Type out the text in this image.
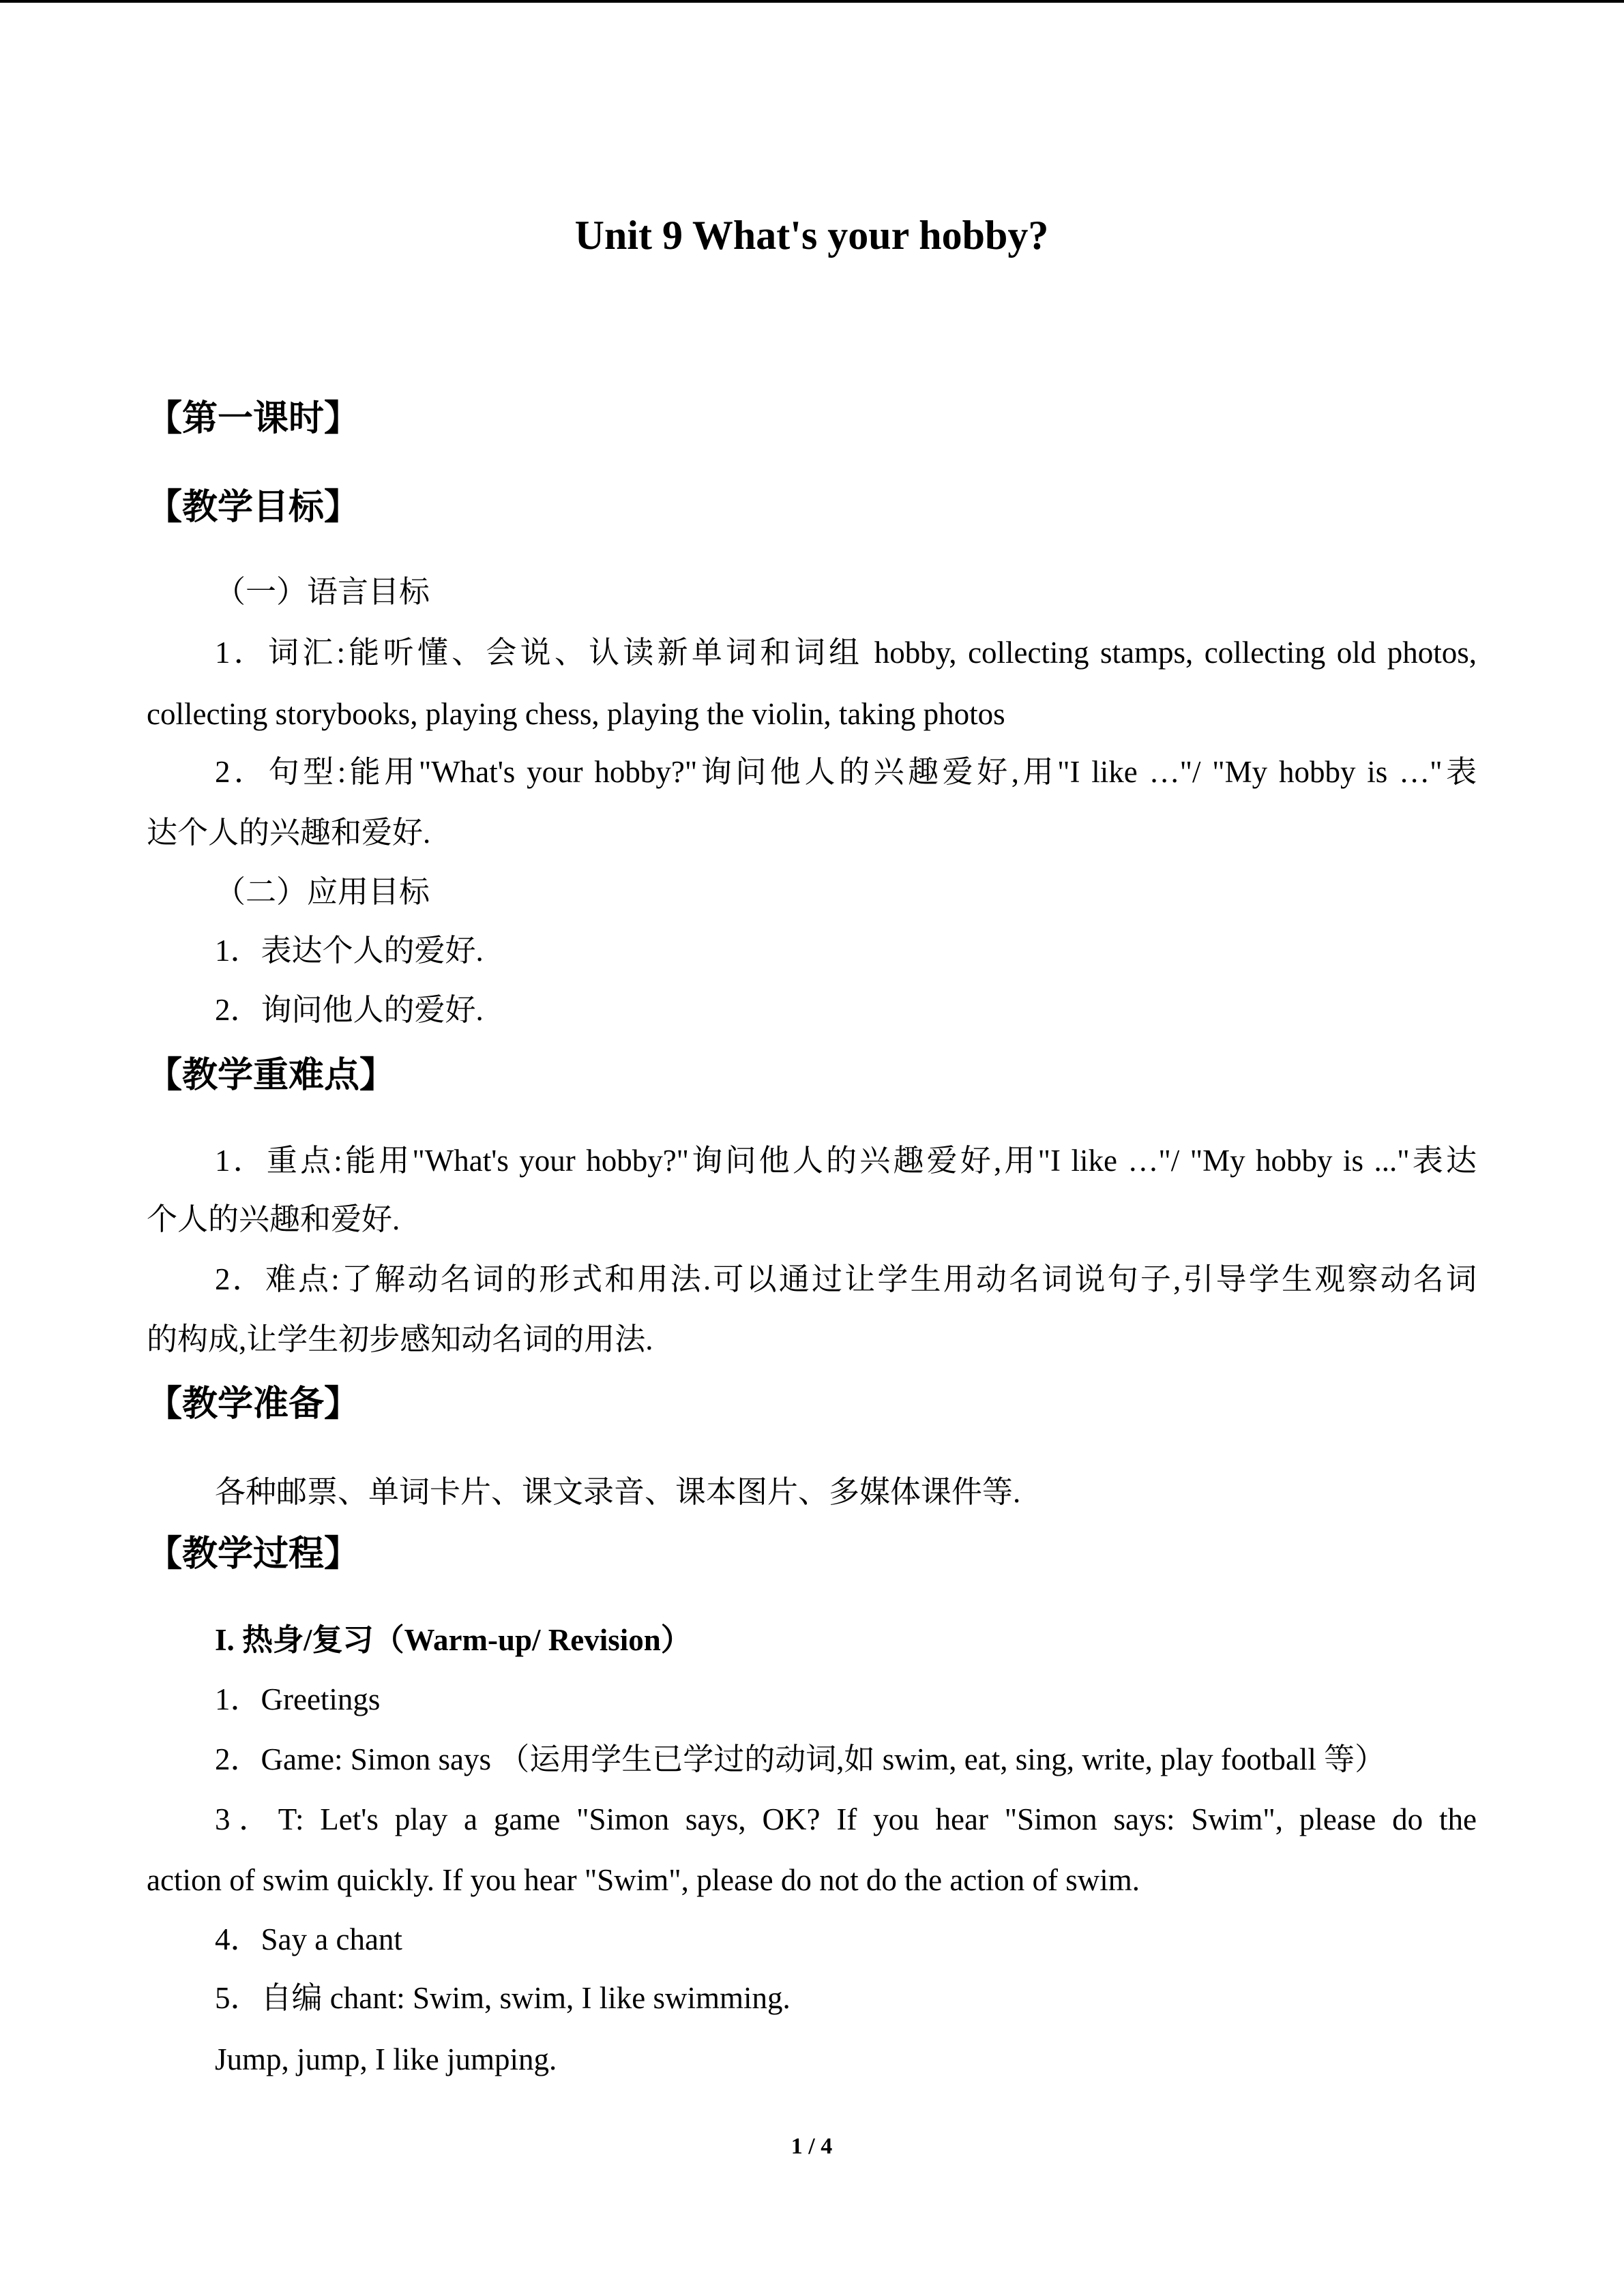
Unit 9 What's your hobby?
【第一课时】
【教学目标】
（一）语言目标
1．词汇:能听懂、会说、认读新单词和词组 hobby, collecting stamps, collecting old photos,
collecting storybooks, playing chess, playing the violin, taking photos
2．句型:能用"What's your hobby?"询问他人的兴趣爱好,用"I like …"/ "My hobby is …"表
达个人的兴趣和爱好.
（二）应用目标
1．表达个人的爱好.
2．询问他人的爱好.
【教学重难点】
1．重点:能用"What's your hobby?"询问他人的兴趣爱好,用"I like …"/ "My hobby is ..."表达
个人的兴趣和爱好.
2．难点:了解动名词的形式和用法.可以通过让学生用动名词说句子,引导学生观察动名词
的构成,让学生初步感知动名词的用法.
【教学准备】
各种邮票、单词卡片、课文录音、课本图片、多媒体课件等.
【教学过程】
I. 热身/复习（Warm-up/ Revision）
1．Greetings
2．Game: Simon says （运用学生已学过的动词,如 swim, eat, sing, write, play football 等）
3．T: Let's play a game "Simon says, OK? If you hear "Simon says: Swim", please do the
action of swim quickly. If you hear "Swim", please do not do the action of swim.
4．Say a chant
5．自编 chant: Swim, swim, I like swimming.
Jump, jump, I like jumping.
1 / 4
